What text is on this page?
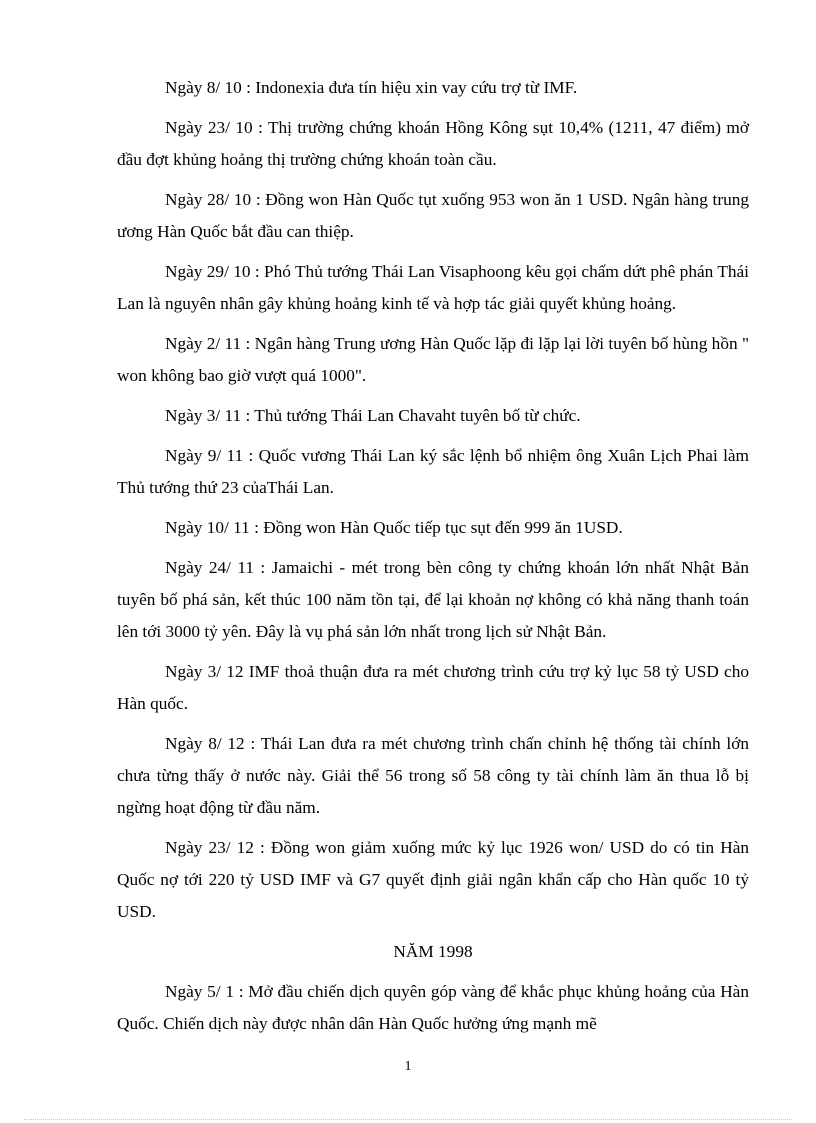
Ngày 8/ 10 : Indonexia đưa tín hiệu xin vay cứu trợ từ IMF.

Ngày 23/ 10 : Thị trường chứng khoán Hồng Kông sụt 10,4% (1211, 47 điểm) mở đầu đợt khủng hoảng thị trường chứng khoán toàn cầu.

Ngày 28/ 10 : Đồng won Hàn Quốc tụt xuống 953 won ăn 1 USD. Ngân hàng trung ương Hàn Quốc bắt đầu can thiệp.

Ngày 29/ 10 : Phó Thủ tướng Thái Lan Visaphoong kêu gọi chấm dứt phê phán Thái Lan là nguyên nhân gây khủng hoảng kinh tế và hợp tác giải quyết khủng hoảng.

Ngày 2/ 11 : Ngân hàng Trung ương Hàn Quốc lặp đi lặp lại lời tuyên bố hùng hồn " won không bao giờ vượt quá 1000".

Ngày 3/ 11 : Thủ tướng Thái Lan Chavaht tuyên bố từ chức.

Ngày 9/ 11 : Quốc vương Thái Lan ký sắc lệnh bổ nhiệm ông Xuân Lịch Phai làm Thủ tướng thứ 23 củaThái Lan.

Ngày 10/ 11 : Đồng won Hàn Quốc tiếp tục sụt đến 999 ăn 1USD.

Ngày 24/ 11 : Jamaichi - mét trong bèn công ty chứng khoán lớn nhất Nhật Bản tuyên bố phá sản, kết thúc 100 năm tồn tại, để lại khoản nợ không có khả năng thanh toán lên tới 3000 tỷ yên. Đây là vụ phá sản lớn nhất trong lịch sử Nhật Bản.

Ngày 3/ 12 IMF thoả thuận đưa ra mét chương trình cứu trợ kỷ lục 58 tỷ USD cho Hàn quốc.

Ngày 8/ 12 : Thái Lan đưa ra mét chương trình chấn chỉnh hệ thống tài chính lớn chưa từng thấy ở nước này. Giải thể 56 trong số 58 công ty tài chính làm ăn thua lỗ bị ngừng hoạt động từ đầu năm.

Ngày 23/ 12 : Đồng won giảm xuống mức kỷ lục 1926 won/ USD do có tin Hàn Quốc nợ tới 220 tỷ USD IMF và G7 quyết định giải ngân khẩn cấp cho Hàn quốc 10 tỷ USD.

NĂM 1998

Ngày 5/ 1 : Mở đầu chiến dịch quyên góp vàng để khắc phục khủng hoảng của Hàn Quốc. Chiến dịch này được nhân dân Hàn Quốc hưởng ứng mạnh mẽ

1
